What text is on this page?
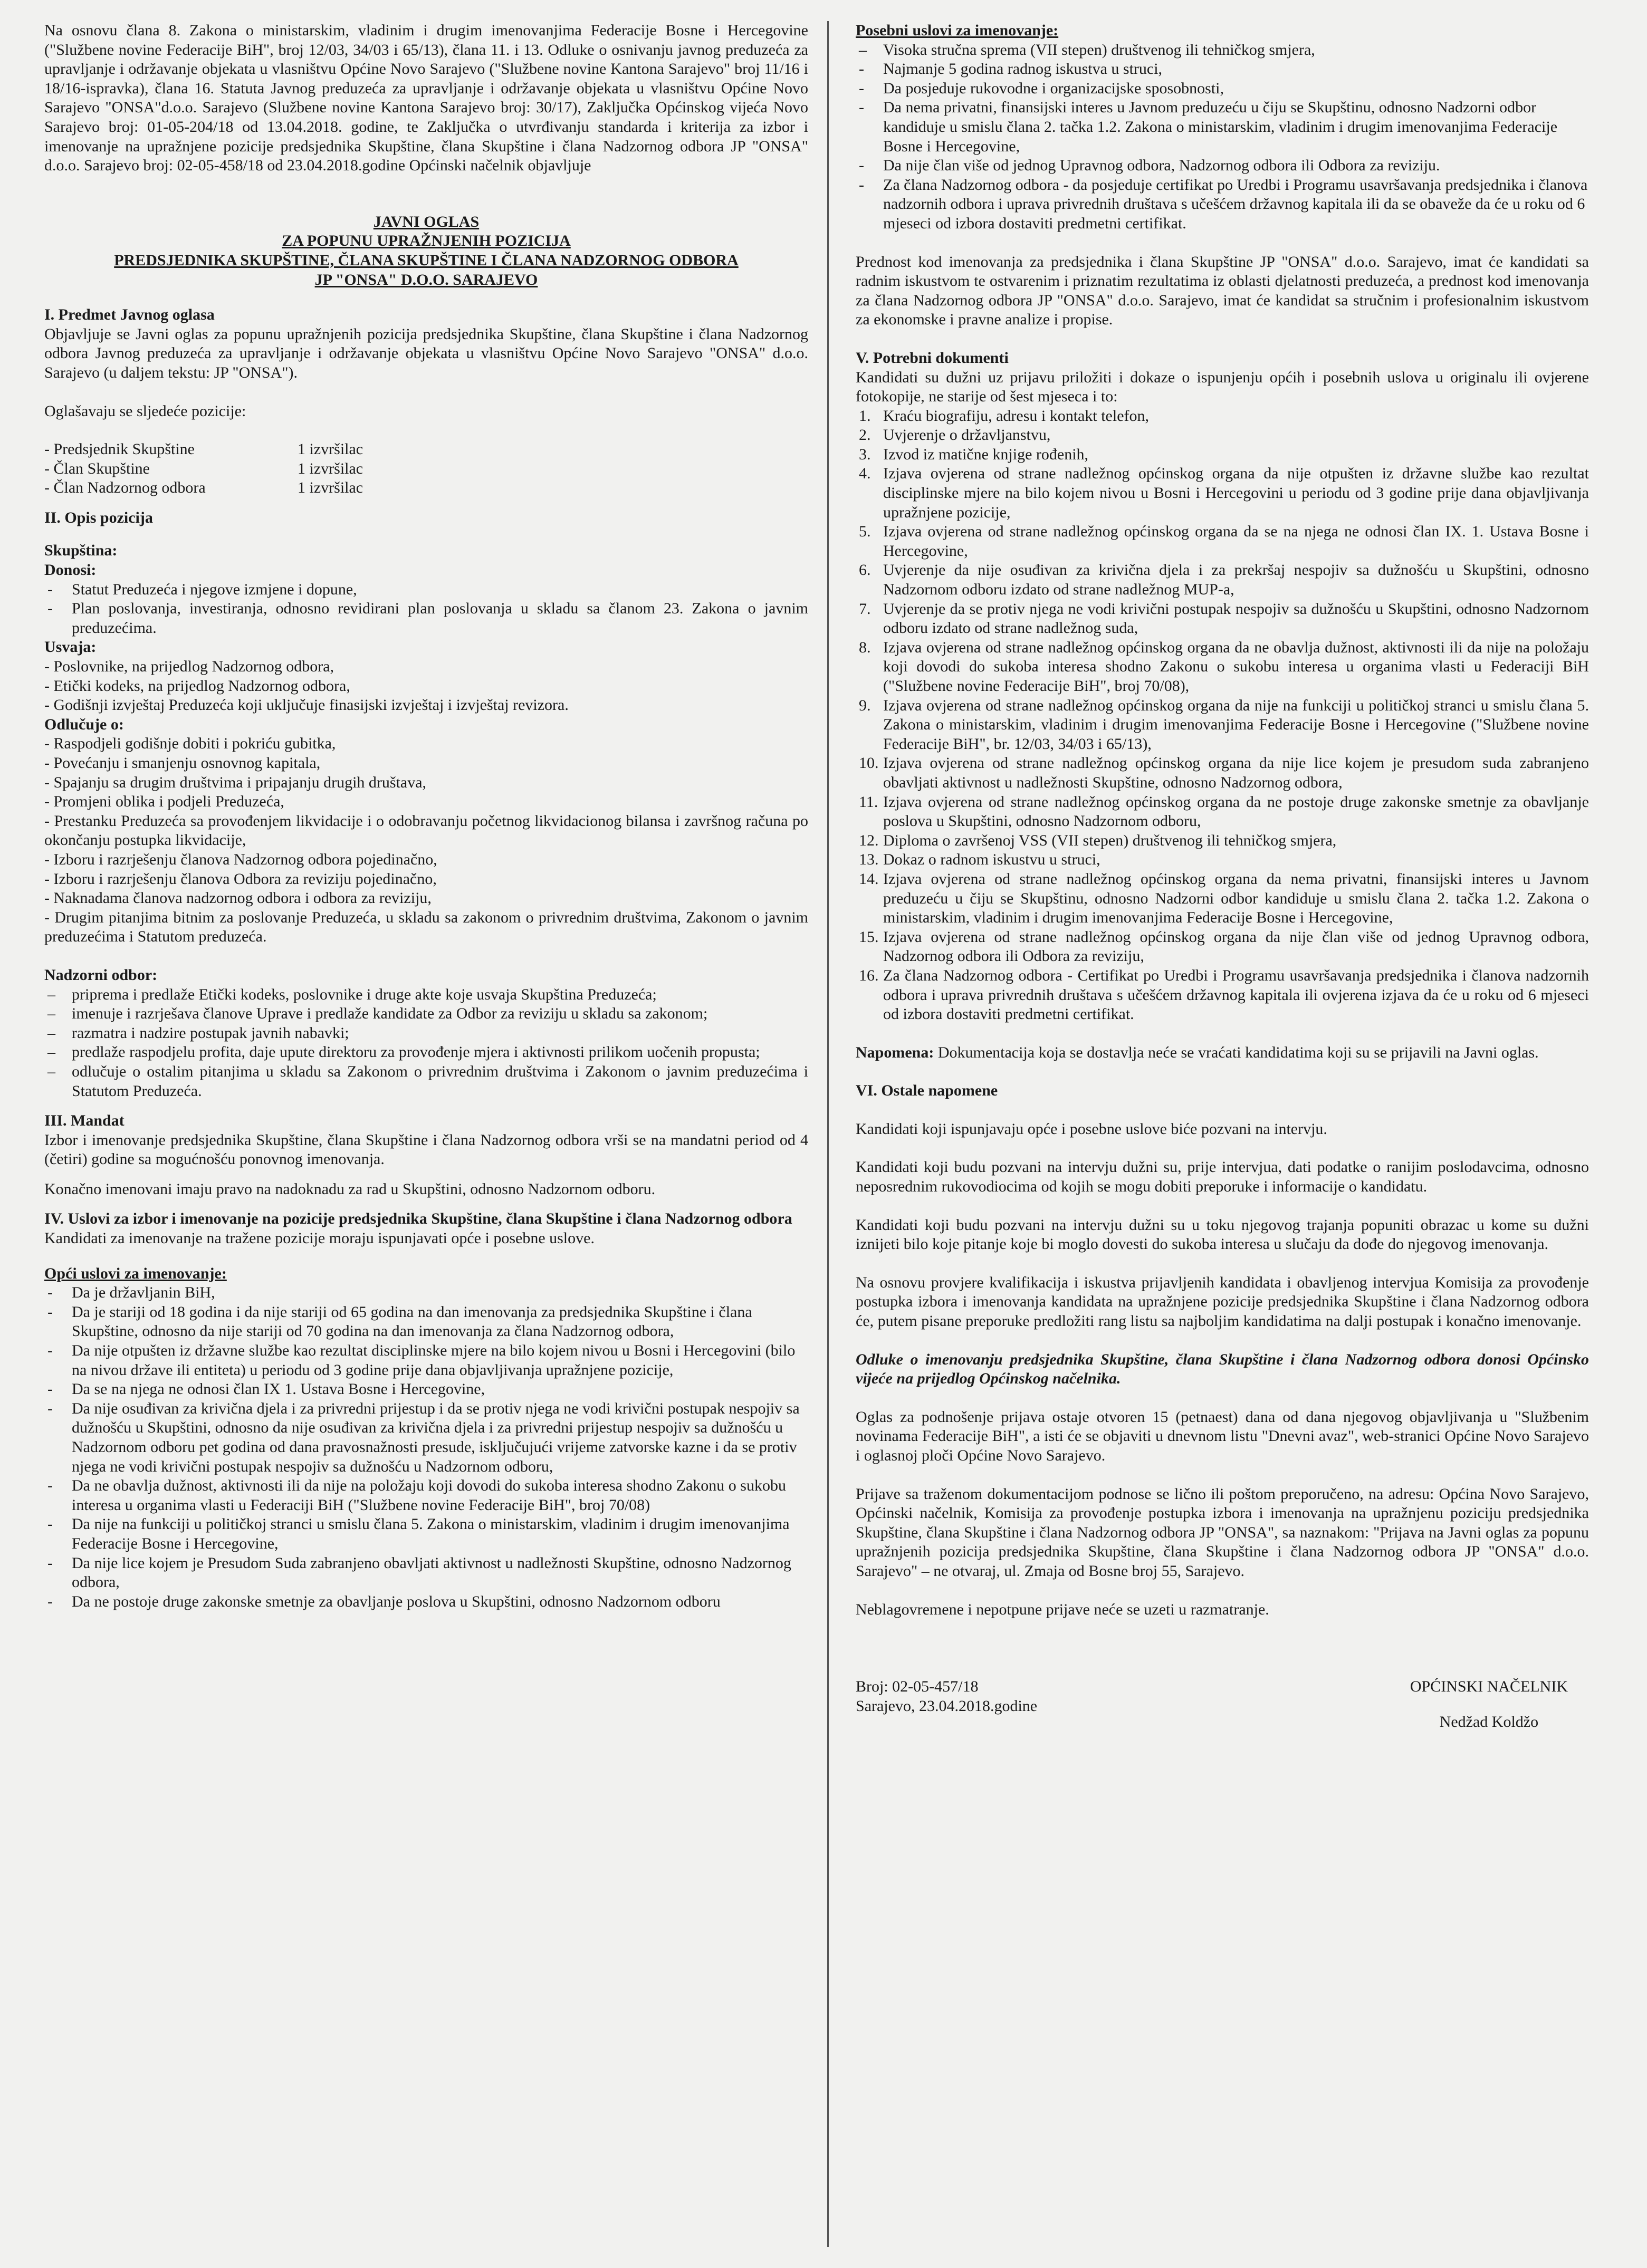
Na osnovu člana 8. Zakona o ministarskim, vladinim i drugim imenovanjima Federacije Bosne i Hercegovine ("Službene novine Federacije BiH", broj 12/03, 34/03 i 65/13), člana 11. i 13. Odluke o osnivanju javnog preduzeća za upravljanje i održavanje objekata u vlasništvu Općine Novo Sarajevo ("Službene novine Kantona Sarajevo" broj 11/16 i 18/16-ispravka), člana 16. Statuta Javnog preduzeća za upravljanje i održavanje objekata u vlasništvu Općine Novo Sarajevo "ONSA"d.o.o. Sarajevo (Službene novine Kantona Sarajevo broj: 30/17), Zaključka Općinskog vijeća Novo Sarajevo broj: 01-05-204/18 od 13.04.2018. godine, te Zaključka o utvrđivanju standarda i kriterija za izbor i imenovanje na upražnjene pozicije predsjednika Skupštine, člana Skupštine i člana Nadzornog odbora JP "ONSA" d.o.o. Sarajevo broj: 02-05-458/18 od 23.04.2018.godine Općinski načelnik objavljuje

JAVNI OGLAS

ZA POPUNU UPRAŽNJENIH POZICIJA

PREDSJEDNIKA SKUPŠTINE, ČLANA SKUPŠTINE I ČLANA NADZORNOG ODBORA

JP "ONSA" D.O.O. SARAJEVO

I. Predmet Javnog oglasa

Objavljuje se Javni oglas za popunu upražnjenih pozicija predsjednika Skupštine, člana Skupštine i člana Nadzornog odbora Javnog preduzeća za upravljanje i održavanje objekata u vlasništvu Općine Novo Sarajevo "ONSA" d.o.o. Sarajevo (u daljem tekstu: JP "ONSA").

Oglašavaju se sljedeće pozicije:

- Predsjednik Skupštine	1 izvršilac
- Član Skupštine	1 izvršilac
- Član Nadzornog odbora	1 izvršilac

II. Opis pozicija

Skupština:

Donosi:

- Statut Preduzeća i njegove izmjene i dopune,
- Plan poslovanja, investiranja, odnosno revidirani plan poslovanja u skladu sa članom 23. Zakona o javnim preduzećima.

Usvaja:

- Poslovnike, na prijedlog Nadzornog odbora,
- Etički kodeks, na prijedlog Nadzornog odbora,
- Godišnji izvještaj Preduzeća koji uključuje finasijski izvještaj i izvještaj revizora.

Odlučuje o:

- Raspodjeli godišnje dobiti i pokriću gubitka,
- Povećanju i smanjenju osnovnog kapitala,
- Spajanju sa drugim društvima i pripajanju drugih društava,
- Promjeni oblika i podjeli Preduzeća,
- Prestanku Preduzeća sa provođenjem likvidacije i o odobravanju početnog likvidacionog bilansa i završnog računa po okončanju postupka likvidacije,
- Izboru i razrješenju članova Nadzornog odbora pojedinačno,
- Izboru i razrješenju članova Odbora za reviziju pojedinačno,
- Naknadama članova nadzornog odbora i odbora za reviziju,
- Drugim pitanjima bitnim za poslovanje Preduzeća, u skladu sa zakonom o privrednim društvima, Zakonom o javnim preduzećima i Statutom preduzeća.

Nadzorni odbor:

– priprema i predlaže Etički kodeks, poslovnike i druge akte koje usvaja Skupština Preduzeća;
– imenuje i razrješava članove Uprave i predlaže kandidate za Odbor za reviziju u skladu sa zakonom;
– razmatra i nadzire postupak javnih nabavki;
– predlaže raspodjelu profita, daje upute direktoru za provođenje mjera i aktivnosti prilikom uočenih propusta;
– odlučuje o ostalim pitanjima u skladu sa Zakonom o privrednim društvima i Zakonom o javnim preduzećima i Statutom Preduzeća.

III. Mandat

Izbor i imenovanje predsjednika Skupštine, člana Skupštine i člana Nadzornog odbora vrši se na mandatni period od 4 (četiri) godine sa mogućnošću ponovnog imenovanja.

Konačno imenovani imaju pravo na nadoknadu za rad u Skupštini, odnosno Nadzornom odboru.

IV. Uslovi za izbor i imenovanje na pozicije predsjednika Skupštine, člana Skupštine i člana Nadzornog odbora

Kandidati za imenovanje na tražene pozicije moraju ispunjavati opće i posebne uslove.

Opći uslovi za imenovanje:

- Da je državljanin BiH,
- Da je stariji od 18 godina i da nije stariji od 65 godina na dan imenovanja za predsjednika Skupštine i člana Skupštine, odnosno da nije stariji od 70 godina na dan imenovanja za člana Nadzornog odbora,
- Da nije otpušten iz državne službe kao rezultat disciplinske mjere na bilo kojem nivou u Bosni i Hercegovini (bilo na nivou države ili entiteta) u periodu od 3 godine prije dana objavljivanja upražnjene pozicije,
- Da se na njega ne odnosi član IX 1. Ustava Bosne i Hercegovine,
- Da nije osuđivan za krivična djela i za privredni prijestup i da se protiv njega ne vodi krivični postupak nespojiv sa dužnošću u Skupštini, odnosno da nije osuđivan za krivična djela i za privredni prijestup nespojiv sa dužnošću u Nadzornom odboru pet godina od dana pravosnažnosti presude, isključujući vrijeme zatvorske kazne i da se protiv njega ne vodi krivični postupak nespojiv sa dužnošću u Nadzornom odboru,
- Da ne obavlja dužnost, aktivnosti ili da nije na položaju koji dovodi do sukoba interesa shodno Zakonu o sukobu interesa u organima vlasti u Federaciji BiH ("Službene novine Federacije BiH", broj 70/08)
- Da nije na funkciji u političkoj stranci u smislu člana 5. Zakona o ministarskim, vladinim i drugim imenovanjima Federacije Bosne i Hercegovine,
- Da nije lice kojem je Presudom Suda zabranjeno obavljati aktivnost u nadležnosti Skupštine, odnosno Nadzornog odbora,
- Da ne postoje druge zakonske smetnje za obavljanje poslova u Skupštini, odnosno Nadzornom odboru

Posebni uslovi za imenovanje:

– Visoka stručna sprema (VII stepen) društvenog ili tehničkog smjera,
- Najmanje 5 godina radnog iskustva u struci,
- Da posjeduje rukovodne i organizacijske sposobnosti,
- Da nema privatni, finansijski interes u Javnom preduzeću u čiju se Skupštinu, odnosno Nadzorni odbor kandiduje u smislu člana 2. tačka 1.2. Zakona o ministarskim, vladinim i drugim imenovanjima Federacije Bosne i Hercegovine,
- Da nije član više od jednog Upravnog odbora, Nadzornog odbora ili Odbora za reviziju.
- Za člana Nadzornog odbora - da posjeduje certifikat po Uredbi i Programu usavršavanja predsjednika i članova nadzornih odbora i uprava privrednih društava s učešćem državnog kapitala ili da se obaveže da će u roku od 6 mjeseci od izbora dostaviti predmetni certifikat.

Prednost kod imenovanja za predsjednika i člana Skupštine JP "ONSA" d.o.o. Sarajevo, imat će kandidati sa radnim iskustvom te ostvarenim i priznatim rezultatima iz oblasti djelatnosti preduzeća, a prednost kod imenovanja za člana Nadzornog odbora JP "ONSA" d.o.o. Sarajevo, imat će kandidat sa stručnim i profesionalnim iskustvom za ekonomske i pravne analize i propise.

V. Potrebni dokumenti

Kandidati su dužni uz prijavu priložiti i dokaze o ispunjenju općih i posebnih uslova u originalu ili ovjerene fotokopije, ne starije od šest mjeseca i to:

1. Kraću biografiju, adresu i kontakt telefon,
2. Uvjerenje o državljanstvu,
3. Izvod iz matične knjige rođenih,
4. Izjava ovjerena od strane nadležnog općinskog organa da nije otpušten iz državne službe kao rezultat disciplinske mjere na bilo kojem nivou u Bosni i Hercegovini u periodu od 3 godine prije dana objavljivanja upražnjene pozicije,
5. Izjava ovjerena od strane nadležnog općinskog organa da se na njega ne odnosi član IX. 1. Ustava Bosne i Hercegovine,
6. Uvjerenje da nije osuđivan za krivična djela i za prekršaj nespojiv sa dužnošću u Skupštini, odnosno Nadzornom odboru izdato od strane nadležnog MUP-a,
7. Uvjerenje da se protiv njega ne vodi krivični postupak nespojiv sa dužnošću u Skupštini, odnosno Nadzornom odboru izdato od strane nadležnog suda,
8. Izjava ovjerena od strane nadležnog općinskog organa da ne obavlja dužnost, aktivnosti ili da nije na položaju koji dovodi do sukoba interesa shodno Zakonu o sukobu interesa u organima vlasti u Federaciji BiH ("Službene novine Federacije BiH", broj 70/08),
9. Izjava ovjerena od strane nadležnog općinskog organa da nije na funkciji u političkoj stranci u smislu člana 5. Zakona o ministarskim, vladinim i drugim imenovanjima Federacije Bosne i Hercegovine ("Službene novine Federacije BiH", br. 12/03, 34/03 i 65/13),
10. Izjava ovjerena od strane nadležnog općinskog organa da nije lice kojem je presudom suda zabranjeno obavljati aktivnost u nadležnosti Skupštine, odnosno Nadzornog odbora,
11. Izjava ovjerena od strane nadležnog općinskog organa da ne postoje druge zakonske smetnje za obavljanje poslova u Skupštini, odnosno Nadzornom odboru,
12. Diploma o završenoj VSS (VII stepen) društvenog ili tehničkog smjera,
13. Dokaz o radnom iskustvu u struci,
14. Izjava ovjerena od strane nadležnog općinskog organa da nema privatni, finansijski interes u Javnom preduzeću u čiju se Skupštinu, odnosno Nadzorni odbor kandiduje u smislu člana 2. tačka 1.2. Zakona o ministarskim, vladinim i drugim imenovanjima Federacije Bosne i Hercegovine,
15. Izjava ovjerena od strane nadležnog općinskog organa da nije član više od jednog Upravnog odbora, Nadzornog odbora ili Odbora za reviziju,
16. Za člana Nadzornog odbora - Certifikat po Uredbi i Programu usavršavanja predsjednika i članova nadzornih odbora i uprava privrednih društava s učešćem državnog kapitala ili ovjerena izjava da će u roku od 6 mjeseci od izbora dostaviti predmetni certifikat.

Napomena: Dokumentacija koja se dostavlja neće se vraćati kandidatima koji su se prijavili na Javni oglas.

VI. Ostale napomene

Kandidati koji ispunjavaju opće i posebne uslove biće pozvani na intervju.

Kandidati koji budu pozvani na intervju dužni su, prije intervjua, dati podatke o ranijim poslodavcima, odnosno neposrednim rukovodiocima od kojih se mogu dobiti preporuke i informacije o kandidatu.

Kandidati koji budu pozvani na intervju dužni su u toku njegovog trajanja popuniti obrazac u kome su dužni iznijeti bilo koje pitanje koje bi moglo dovesti do sukoba interesa u slučaju da dođe do njegovog imenovanja.

Na osnovu provjere kvalifikacija i iskustva prijavljenih kandidata i obavljenog intervjua Komisija za provođenje postupka izbora i imenovanja kandidata na upražnjene pozicije predsjednika Skupštine i člana Nadzornog odbora će, putem pisane preporuke predložiti rang listu sa najboljim kandidatima na dalji postupak i konačno imenovanje.

Odluke o imenovanju predsjednika Skupštine, člana Skupštine i člana Nadzornog odbora donosi Općinsko vijeće na prijedlog Općinskog načelnika.

Oglas za podnošenje prijava ostaje otvoren 15 (petnaest) dana od dana njegovog objavljivanja u "Službenim novinama Federacije BiH", a isti će se objaviti u dnevnom listu "Dnevni avaz", web-stranici Općine Novo Sarajevo i oglasnoj ploči Općine Novo Sarajevo.

Prijave sa traženom dokumentacijom podnose se lično ili poštom preporučeno, na adresu: Općina Novo Sarajevo, Općinski načelnik, Komisija za provođenje postupka izbora i imenovanja na upražnjenu poziciju predsjednika Skupštine, člana Skupštine i člana Nadzornog odbora JP "ONSA", sa naznakom: "Prijava na Javni oglas za popunu upražnjenih pozicija predsjednika Skupštine, člana Skupštine i člana Nadzornog odbora JP "ONSA" d.o.o. Sarajevo" – ne otvaraj, ul. Zmaja od Bosne broj 55, Sarajevo.

Neblagovremene i nepotpune prijave neće se uzeti u razmatranje.

Broj: 02-05-457/18

Sarajevo, 23.04.2018.godine

OPĆINSKI NAČELNIK

Nedžad Koldžo
